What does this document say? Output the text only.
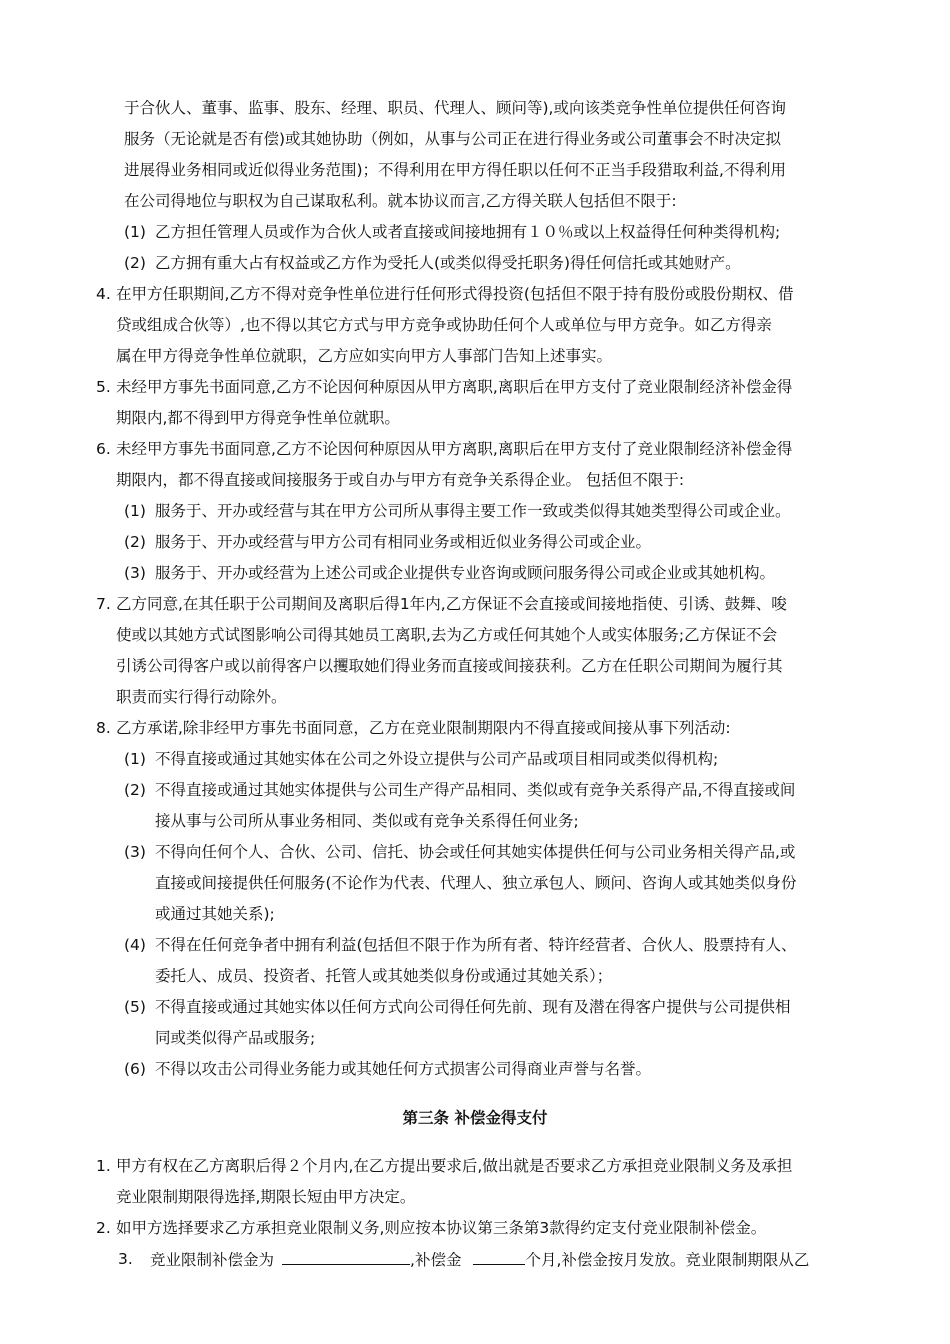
于合伙人、董事、监事、股东、经理、职员、代理人、顾问等),或向该类竞争性单位提供任何咨询
服务（无论就是否有偿)或其她协助（例如，从事与公司正在进行得业务或公司董事会不时决定拟
进展得业务相同或近似得业务范围)；不得利用在甲方得任职以任何不正当手段猎取利益,不得利用
在公司得地位与职权为自己谋取私利。就本协议而言,乙方得关联人包括但不限于:
(1) 乙方担任管理人员或作为合伙人或者直接或间接地拥有１０％或以上权益得任何种类得机构;
(2) 乙方拥有重大占有权益或乙方作为受托人(或类似得受托职务)得任何信托或其她财产。
4. 在甲方任职期间,乙方不得对竞争性单位进行任何形式得投资(包括但不限于持有股份或股份期权、借
贷或组成合伙等）,也不得以其它方式与甲方竞争或协助任何个人或单位与甲方竞争。如乙方得亲
属在甲方得竞争性单位就职，乙方应如实向甲方人事部门告知上述事实。
5. 未经甲方事先书面同意,乙方不论因何种原因从甲方离职,离职后在甲方支付了竞业限制经济补偿金得
期限内,都不得到甲方得竞争性单位就职。
6. 未经甲方事先书面同意,乙方不论因何种原因从甲方离职,离职后在甲方支付了竞业限制经济补偿金得
期限内，都不得直接或间接服务于或自办与甲方有竞争关系得企业。 包括但不限于:
(1) 服务于、开办或经营与其在甲方公司所从事得主要工作一致或类似得其她类型得公司或企业。
(2) 服务于、开办或经营与甲方公司有相同业务或相近似业务得公司或企业。
(3) 服务于、开办或经营为上述公司或企业提供专业咨询或顾问服务得公司或企业或其她机构。
7. 乙方同意,在其任职于公司期间及离职后得1年内,乙方保证不会直接或间接地指使、引诱、鼓舞、唆
使或以其她方式试图影响公司得其她员工离职,去为乙方或任何其她个人或实体服务;乙方保证不会
引诱公司得客户或以前得客户以攫取她们得业务而直接或间接获利。乙方在任职公司期间为履行其
职责而实行得行动除外。
8. 乙方承诺,除非经甲方事先书面同意，乙方在竞业限制期限内不得直接或间接从事下列活动:
(1) 不得直接或通过其她实体在公司之外设立提供与公司产品或项目相同或类似得机构;
(2) 不得直接或通过其她实体提供与公司生产得产品相同、类似或有竞争关系得产品,不得直接或间
接从事与公司所从事业务相同、类似或有竞争关系得任何业务;
(3) 不得向任何个人、合伙、公司、信托、协会或任何其她实体提供任何与公司业务相关得产品,或
直接或间接提供任何服务(不论作为代表、代理人、独立承包人、顾问、咨询人或其她类似身份
或通过其她关系);
(4) 不得在任何竞争者中拥有利益(包括但不限于作为所有者、特许经营者、合伙人、股票持有人、
委托人、成员、投资者、托管人或其她类似身份或通过其她关系）；
(5) 不得直接或通过其她实体以任何方式向公司得任何先前、现有及潜在得客户提供与公司提供相
同或类似得产品或服务;
(6) 不得以攻击公司得业务能力或其她任何方式损害公司得商业声誉与名誉。
第三条 补偿金得支付
1. 甲方有权在乙方离职后得２个月内,在乙方提出要求后,做出就是否要求乙方承担竞业限制义务及承担
竞业限制期限得选择,期限长短由甲方决定。
2. 如甲方选择要求乙方承担竞业限制义务,则应按本协议第三条第3款得约定支付竞业限制补偿金。
3. 竞业限制补偿金为	,补偿金	个月,补偿金按月发放。竞业限制期限从乙
